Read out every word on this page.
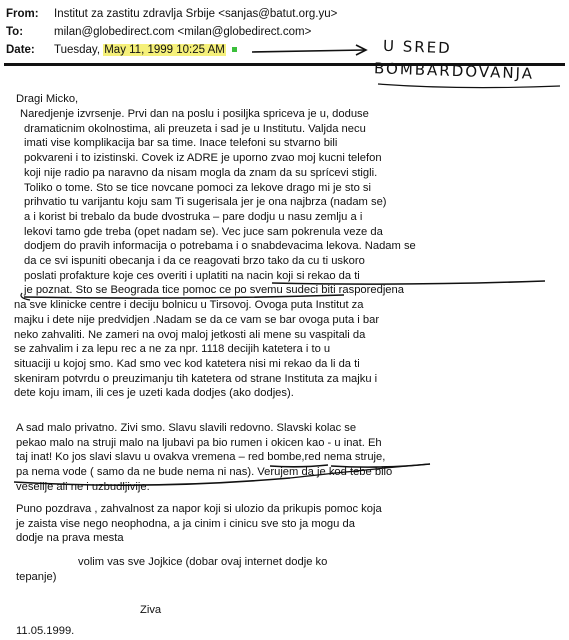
From: Institut za zastitu zdravlja Srbije <sanjas@batut.org.yu>
To:	milan@globedirect.com <milan@globedirect.com>
Date: Tuesday, May 11, 1999 10:25 AM	U SRED
BOMBARDOVANJA
Dragi Micko,
Naredjenje izvrsenje. Prvi dan na poslu i posiljka spriceva je u, doduse
dramaticnim okolnostima, ali preuzeta i sad je u Institutu. Valjda necu
imati vise komplikacija bar sa time. Inace telefoni su stvarno bili
pokvareni i to izistinski. Covek iz ADRE je uporno zvao moj kucni telefon
koji nije radio pa naravno da nisam mogla da znam da su sprícevi stigli.
Toliko o tome. Sto se tice novcane pomoci za lekove drago mi je sto si
prihvatio tu varijantu koju sam Ti sugerisala jer je ona najbrza (nadam se)
a i korist bi trebalo da bude dvostruka – pare dodju u nasu zemlju a i
lekovi tamo gde treba (opet nadam se). Vec juce sam pokrenula veze da
dodjem do pravih informacija o potrebama i o snabdevacima lekova. Nadam se
da ce svi ispuniti obecanja i da ce reagovati brzo tako da cu ti uskoro
poslati profakture koje ces overiti i uplatiti na nacin koji si rekao da ti
je poznat. Sto se Beograda tice pomoc ce po svemu sudeci biti rasporedjena
na sve klinicke centre i deciju bolnicu u Tirsovoj. Ovoga puta Institut za
majku i dete nije predvidjen .Nadam se da ce vam se bar ovoga puta i bar
neko zahvaliti. Ne zameri na ovoj maloj jetkosti ali mene su vaspitali da
se zahvalim i za lepu rec a ne za npr. 1118 decijih katetera i to u
situaciji u kojoj smo. Kad smo vec kod katetera nisi mi rekao da li da ti
skeniram potvrdu o preuzimanju tih katetera od strane Instituta za majku i
dete koju imam, ili ces je uzeti kada dodjes (ako dodjes).
A sad malo privatno. Zivi smo. Slavu slavili redovno. Slavski kolac se
pekao malo na struji malo na ljubavi pa bio rumen i okicen kao - u inat. Eh
taj inat! Ko jos slavi slavu u ovakva vremena – red bombe,red nema struje,
pa nema vode ( samo da ne bude nema ni nas). Verujem da je kod tebe bilo
veselije ali ne i uzbudljivije.
Puno pozdrava , zahvalnost za napor koji si ulozio da prikupis pomoc koja
je zaista vise nego neophodna, a ja cinim i cinicu sve sto ja mogu da
dodje na prava mesta
volim vas sve Jojkice (dobar ovaj internet dodje ko
tepanje)
Ziva
11.05.1999.
